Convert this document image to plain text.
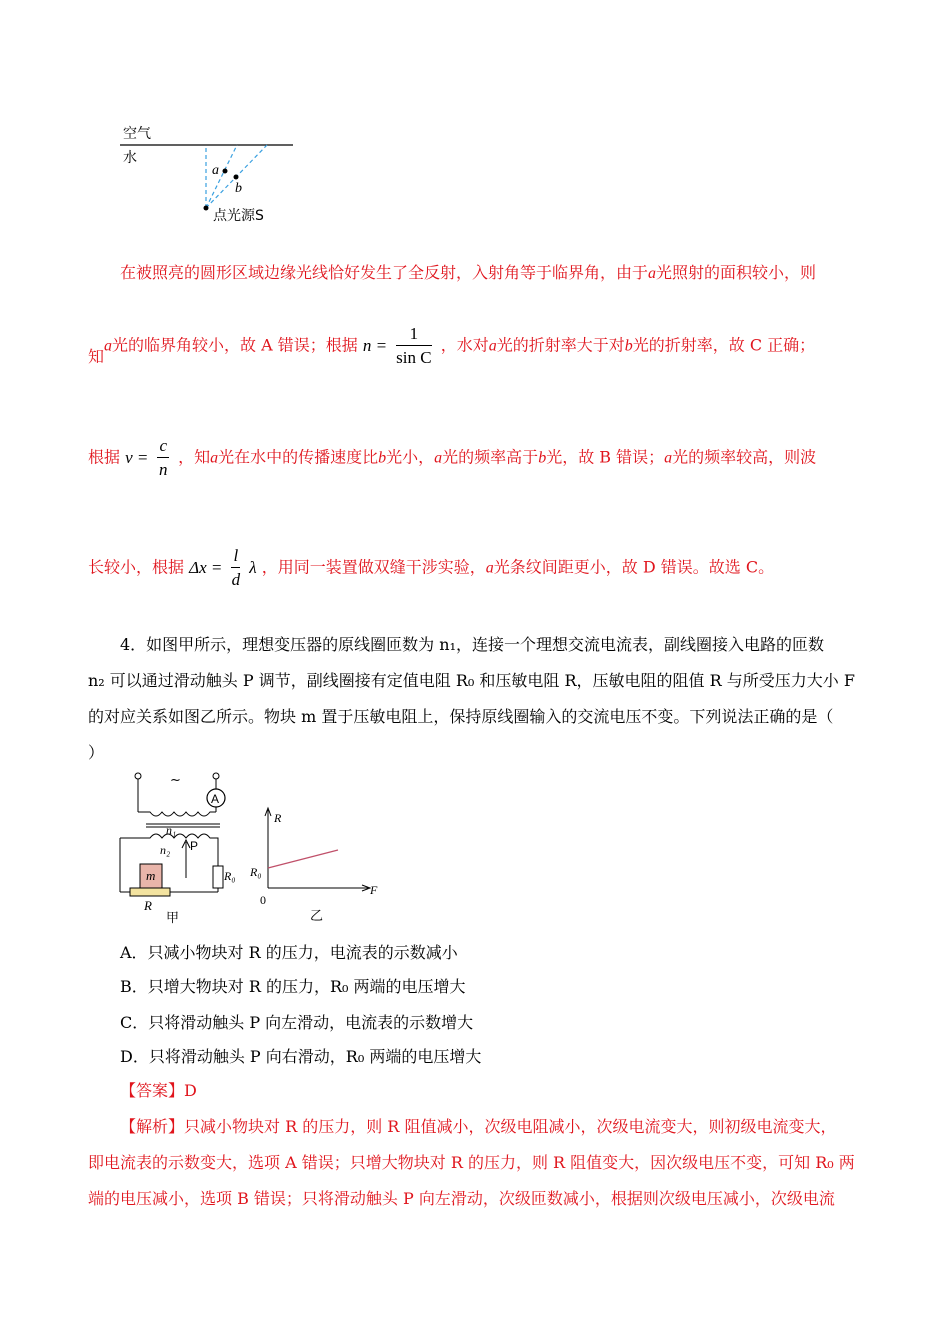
空气
水
a
b
点光源S
在被照亮的圆形区域边缘光线恰好发生了全反射，入射角等于临界角，由于a光照射的面积较小，则
知a光的临界角较小，故 A 错误；根据 $n = \frac{1}{\text{sin C}}$ ，水对a光的折射率大于对b光的折射率，故 C 正确；
根据 $v = \frac{c}{n}$ ，知a光在水中的传播速度比b光小，a光的频率高于b光，故 B 错误；a光的频率较高，则波
长较小，根据 $\Delta x = \frac{l}{d}$ λ ，用同一装置做双缝干涉实验，a光条纹间距更小，故 D 错误。故选 C。
4．如图甲所示，理想变压器的原线圈匝数为 n₁，连接一个理想交流电流表，副线圈接入电路的匝数
n₂ 可以通过滑动触头 P 调节，副线圈接有定值电阻 R₀ 和压敏电阻 R，压敏电阻的阻值 R 与所受压力大小 F
的对应关系如图乙所示。物块 m 置于压敏电阻上，保持原线圈输入的交流电压不变。下列说法正确的是（
）
~
A
n₁
n₂ P
R₀
m
R
甲
R
R₀
0
F
乙
A．只减小物块对 R 的压力，电流表的示数减小
B．只增大物块对 R 的压力，R₀ 两端的电压增大
C．只将滑动触头 P 向左滑动，电流表的示数增大
D．只将滑动触头 P 向右滑动，R₀ 两端的电压增大
【答案】D
【解析】只减小物块对 R 的压力，则 R 阻值减小，次级电阻减小，次级电流变大，则初级电流变大，
即电流表的示数变大，选项 A 错误；只增大物块对 R 的压力，则 R 阻值变大，因次级电压不变，可知 R₀ 两
端的电压减小，选项 B 错误；只将滑动触头 P 向左滑动，次级匝数减小，根据则次级电压减小，次级电流
